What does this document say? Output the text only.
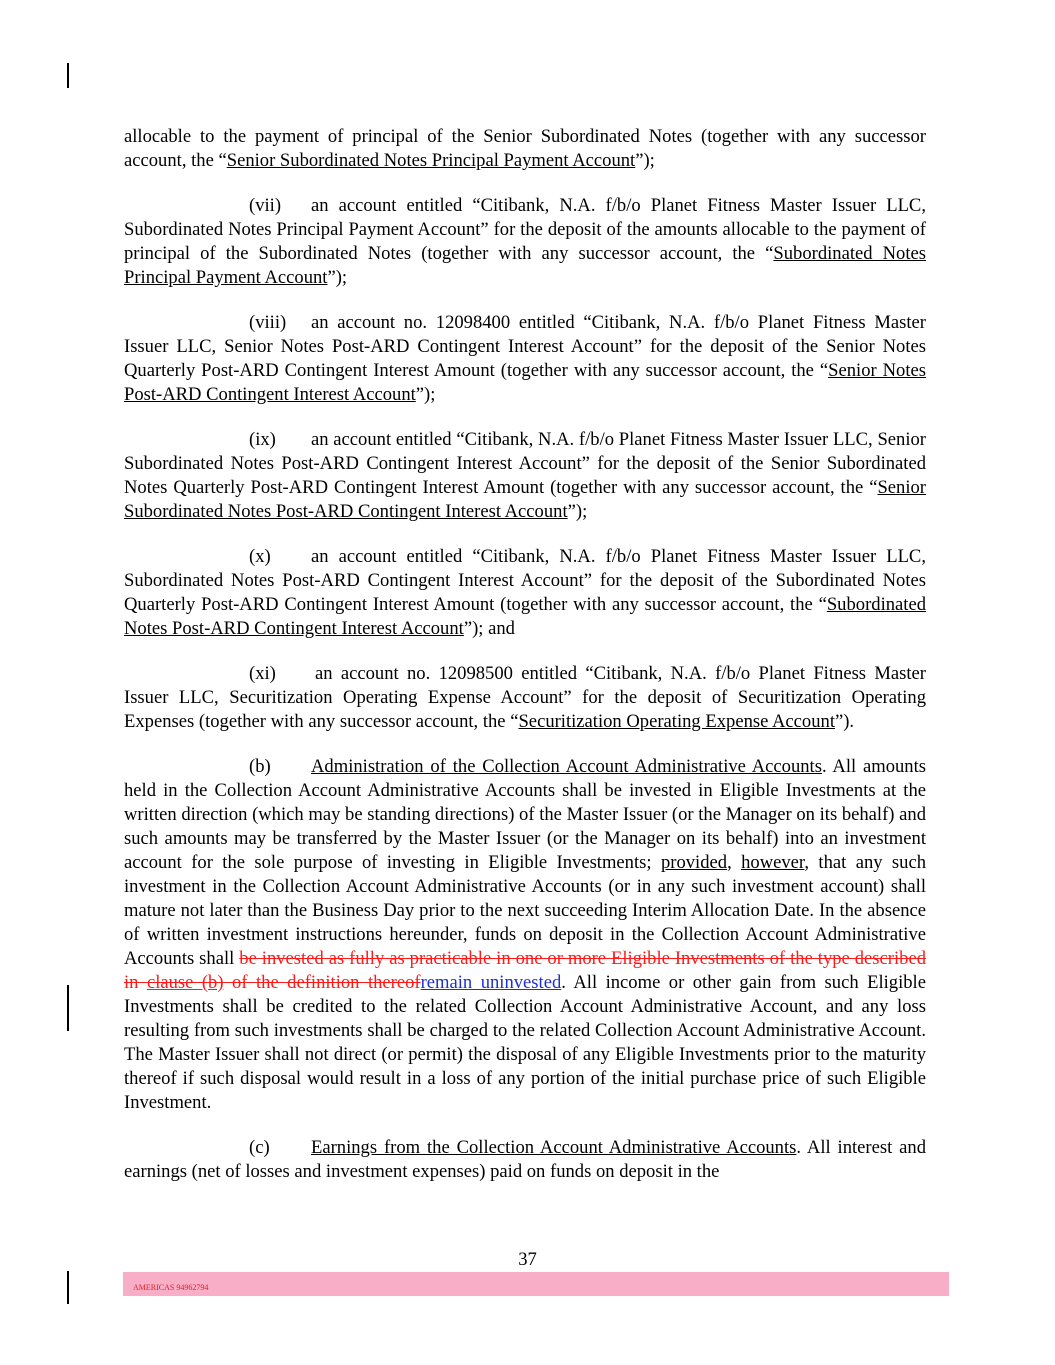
allocable to the payment of principal of the Senior Subordinated Notes (together with any successor account, the “Senior Subordinated Notes Principal Payment Account”);

(vii) an account entitled “Citibank, N.A. f/b/o Planet Fitness Master Issuer LLC, Subordinated Notes Principal Payment Account” for the deposit of the amounts allocable to the payment of principal of the Subordinated Notes (together with any successor account, the “Subordinated Notes Principal Payment Account”);

(viii) an account no. 12098400 entitled “Citibank, N.A. f/b/o Planet Fitness Master Issuer LLC, Senior Notes Post-ARD Contingent Interest Account” for the deposit of the Senior Notes Quarterly Post-ARD Contingent Interest Amount (together with any successor account, the “Senior Notes Post-ARD Contingent Interest Account”);

(ix) an account entitled “Citibank, N.A. f/b/o Planet Fitness Master Issuer LLC, Senior Subordinated Notes Post-ARD Contingent Interest Account” for the deposit of the Senior Subordinated Notes Quarterly Post-ARD Contingent Interest Amount (together with any successor account, the “Senior Subordinated Notes Post-ARD Contingent Interest Account”);

(x) an account entitled “Citibank, N.A. f/b/o Planet Fitness Master Issuer LLC, Subordinated Notes Post-ARD Contingent Interest Account” for the deposit of the Subordinated Notes Quarterly Post-ARD Contingent Interest Amount (together with any successor account, the “Subordinated Notes Post-ARD Contingent Interest Account”); and

(xi) an account no. 12098500 entitled “Citibank, N.A. f/b/o Planet Fitness Master Issuer LLC, Securitization Operating Expense Account” for the deposit of Securitization Operating Expenses (together with any successor account, the “Securitization Operating Expense Account”).

(b) Administration of the Collection Account Administrative Accounts. All amounts held in the Collection Account Administrative Accounts shall be invested in Eligible Investments at the written direction (which may be standing directions) of the Master Issuer (or the Manager on its behalf) and such amounts may be transferred by the Master Issuer (or the Manager on its behalf) into an investment account for the sole purpose of investing in Eligible Investments; provided, however, that any such investment in the Collection Account Administrative Accounts (or in any such investment account) shall mature not later than the Business Day prior to the next succeeding Interim Allocation Date. In the absence of written investment instructions hereunder, funds on deposit in the Collection Account Administrative Accounts shall be invested as fully as practicable in one or more Eligible Investments of the type described in clause (b) of the definition thereofremain uninvested. All income or other gain from such Eligible Investments shall be credited to the related Collection Account Administrative Account, and any loss resulting from such investments shall be charged to the related Collection Account Administrative Account. The Master Issuer shall not direct (or permit) the disposal of any Eligible Investments prior to the maturity thereof if such disposal would result in a loss of any portion of the initial purchase price of such Eligible Investment.

(c) Earnings from the Collection Account Administrative Accounts. All interest and earnings (net of losses and investment expenses) paid on funds on deposit in the

37
AMERICAS 94962794
